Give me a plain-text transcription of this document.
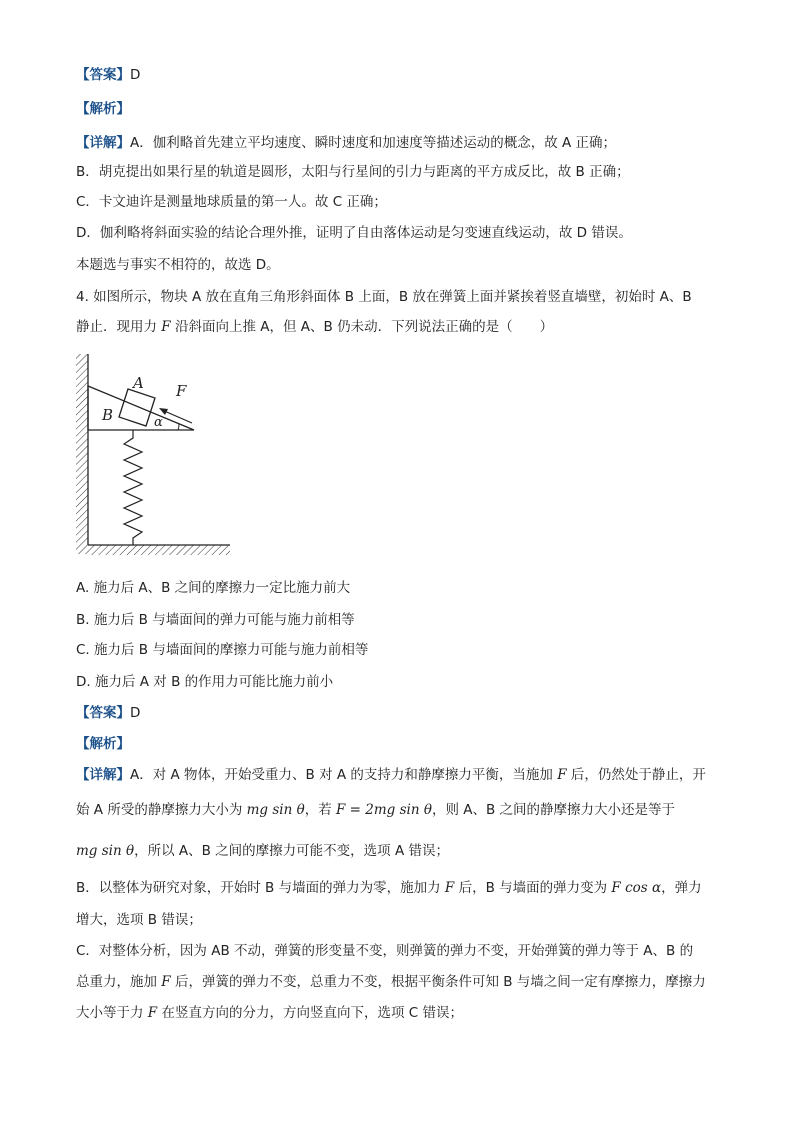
【答案】D
【解析】
【详解】A．伽利略首先建立平均速度、瞬时速度和加速度等描述运动的概念，故 A 正确；
B．胡克提出如果行星的轨道是圆形，太阳与行星间的引力与距离的平方成反比，故 B 正确；
C．卡文迪许是测量地球质量的第一人。故 C 正确；
D．伽利略将斜面实验的结论合理外推，证明了自由落体运动是匀变速直线运动，故 D 错误。
本题选与事实不相符的，故选 D。
4. 如图所示，物块 A 放在直角三角形斜面体 B 上面，B 放在弹簧上面并紧挨着竖直墙壁，初始时 A、B
静止．现用力 F 沿斜面向上推 A，但 A、B 仍未动．下列说法正确的是（　　）
A
B
F
α
A. 施力后 A、B 之间的摩擦力一定比施力前大
B. 施力后 B 与墙面间的弹力可能与施力前相等
C. 施力后 B 与墙面间的摩擦力可能与施力前相等
D. 施力后 A 对 B 的作用力可能比施力前小
【答案】D
【解析】
【详解】A．对 A 物体，开始受重力、B 对 A 的支持力和静摩擦力平衡，当施加 F 后，仍然处于静止，开
始 A 所受的静摩擦力大小为 mg sin θ，若 F = 2mg sin θ，则 A、B 之间的静摩擦力大小还是等于
mg sin θ，所以 A、B 之间的摩擦力可能不变，选项 A 错误；
B．以整体为研究对象，开始时 B 与墙面的弹力为零，施加力 F 后，B 与墙面的弹力变为 F cos α，弹力
增大，选项 B 错误；
C．对整体分析，因为 AB 不动，弹簧的形变量不变，则弹簧的弹力不变，开始弹簧的弹力等于 A、B 的
总重力，施加 F 后，弹簧的弹力不变，总重力不变，根据平衡条件可知 B 与墙之间一定有摩擦力，摩擦力
大小等于力 F 在竖直方向的分力，方向竖直向下，选项 C 错误；
